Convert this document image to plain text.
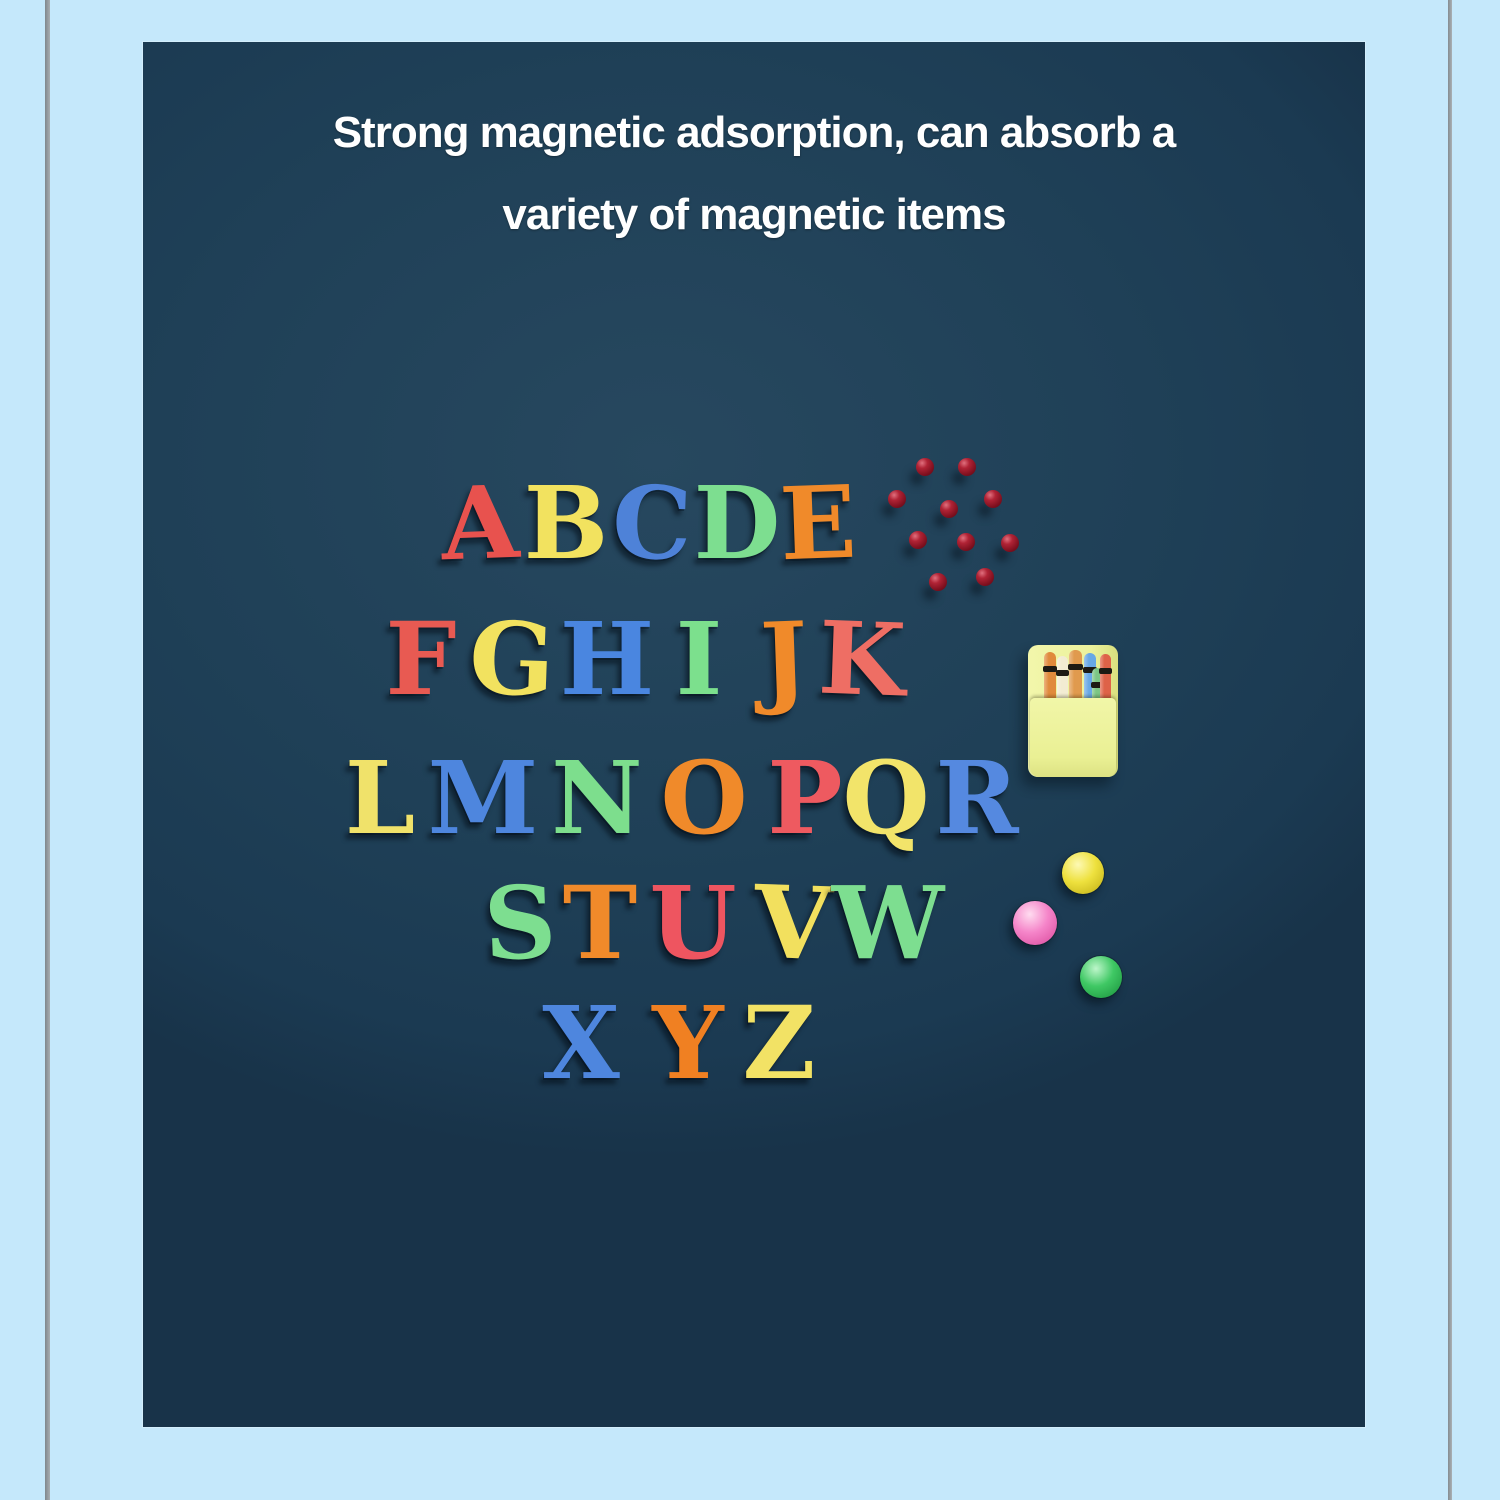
Strong magnetic adsorption, can absorb a
variety of magnetic items
A B C D
E
F G H I J K
L M N O P Q R
S T U V
W
X Y Z
